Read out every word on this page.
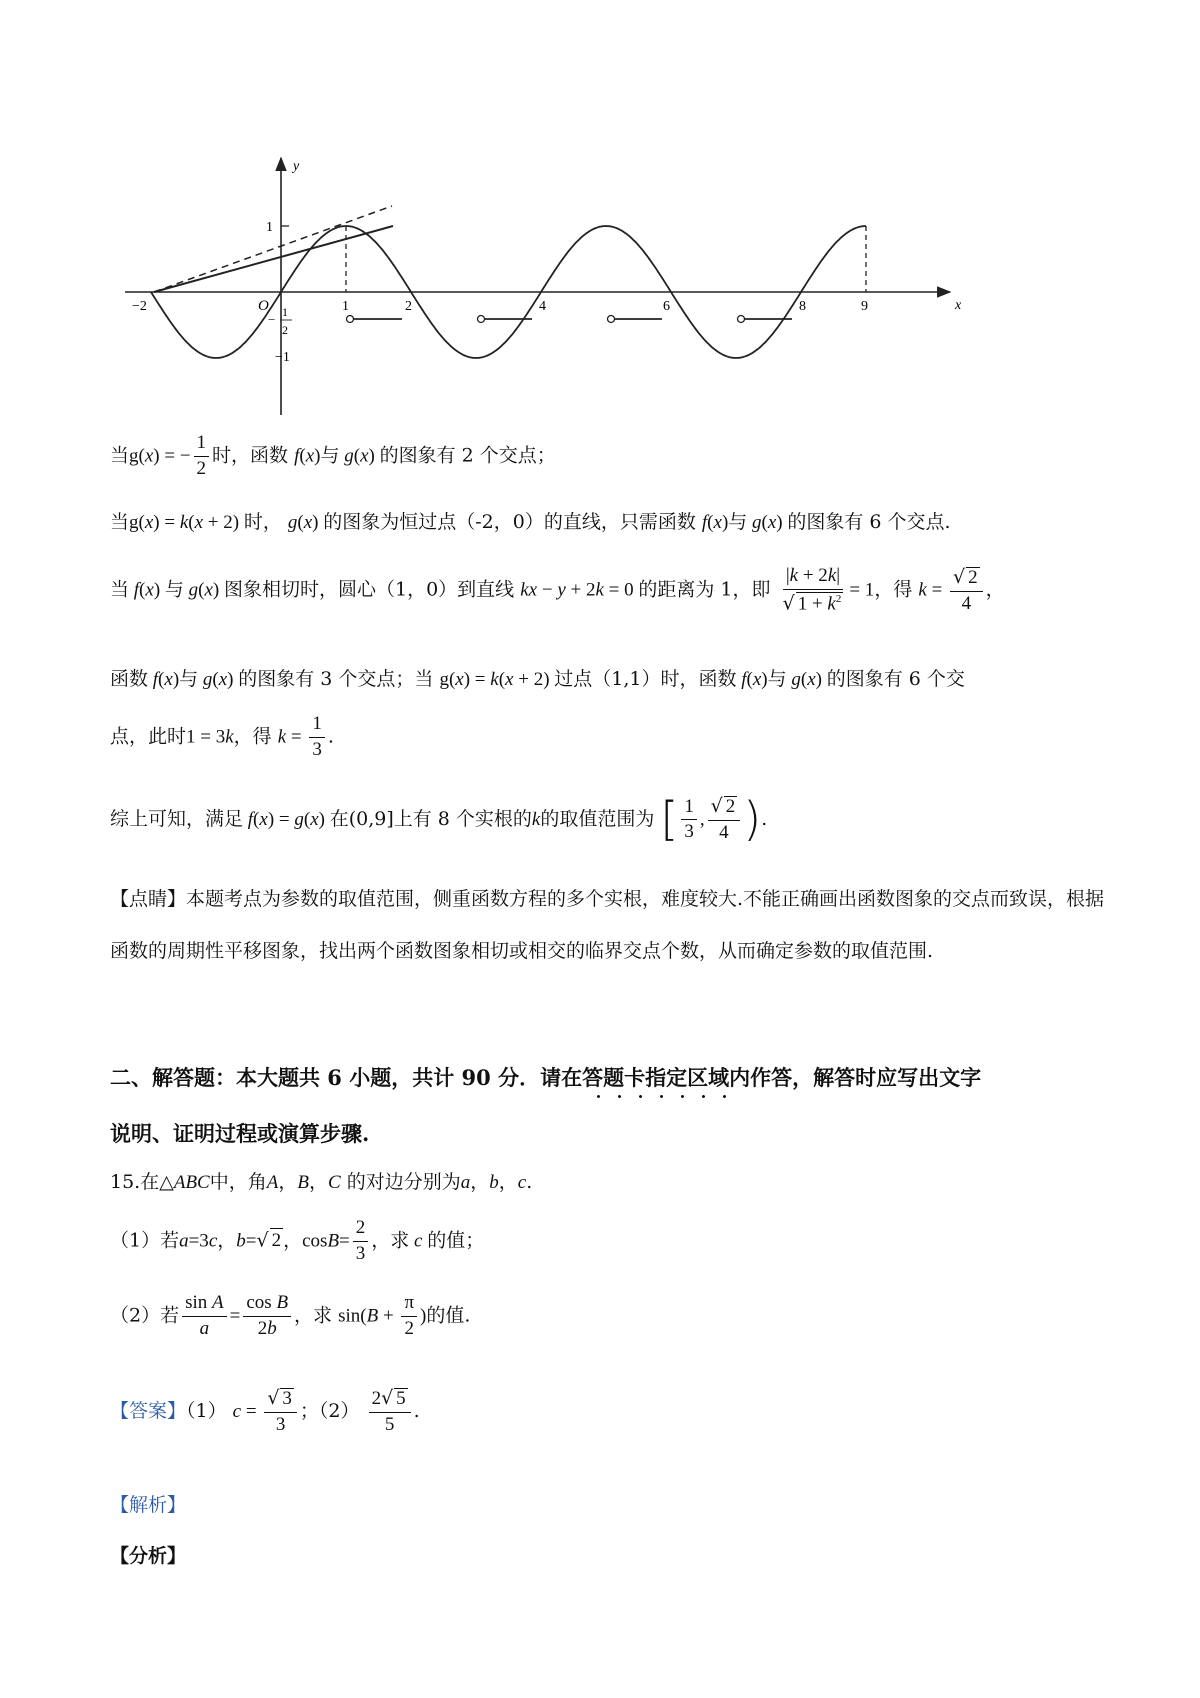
y
x
O
1
−1
− 1
2
−2	1	2	4	6	8	9
当g(x) = − $\frac{1}{2}$ 时，函数 f(x)与 g(x) 的图象有 2 个交点；
当g(x) = k(x + 2) 时， g(x) 的图象为恒过点（-2，0）的直线，只需函数 f(x)与 g(x) 的图象有 6 个交点.
当 f(x) 与 g(x) 图象相切时，圆心（1，0）到直线 kx − y + 2k = 0 的距离为 1，即 $\frac{|k + 2k|}{√ 1 + k^2} = 1$，得 $k = \frac{√ 2}{4}$ ，
函数 f(x)与 g(x) 的图象有 3 个交点；当 g(x) = k(x + 2) 过点（1,1）时，函数 f(x)与 g(x) 的图象有 6 个交
点，此时1 = 3k，得 $k = \frac{1}{3}$ .
综上可知，满足 f(x) = g(x) 在(0,9]上有 8 个实根的k的取值范围为 [ $\frac{1}{3}$ , $\frac{√ 2}{4}$ ).
【点睛】本题考点为参数的取值范围，侧重函数方程的多个实根，难度较大.不能正确画出函数图象的交点而致误，根据函数的周期性平移图象，找出两个函数图象相切或相交的临界交点个数，从而确定参数的取值范围.
二、解答题：本大题共 6 小题，共计 90 分．请在答题卡指定区域内作答，解答时应写出文字
说明、证明过程或演算步骤.
15.在△ABC中，角A，B，C 的对边分别为a，b，c.
（1）若a=3c，b=√ 2 ，$\cos B= \frac{2}{3}$ ，求 c 的值；
（2）若 $\frac{\text{sin A}}{a} = \frac{\text{cos B}}{2b}$ ，求 $\sin(B + \frac{\pi}{2}$ )的值.
【答案】（1） $c = \frac{√ 3}{3}$ ；$(2) \frac{2√ 5}{5}$ .
【解析】
【分析】
